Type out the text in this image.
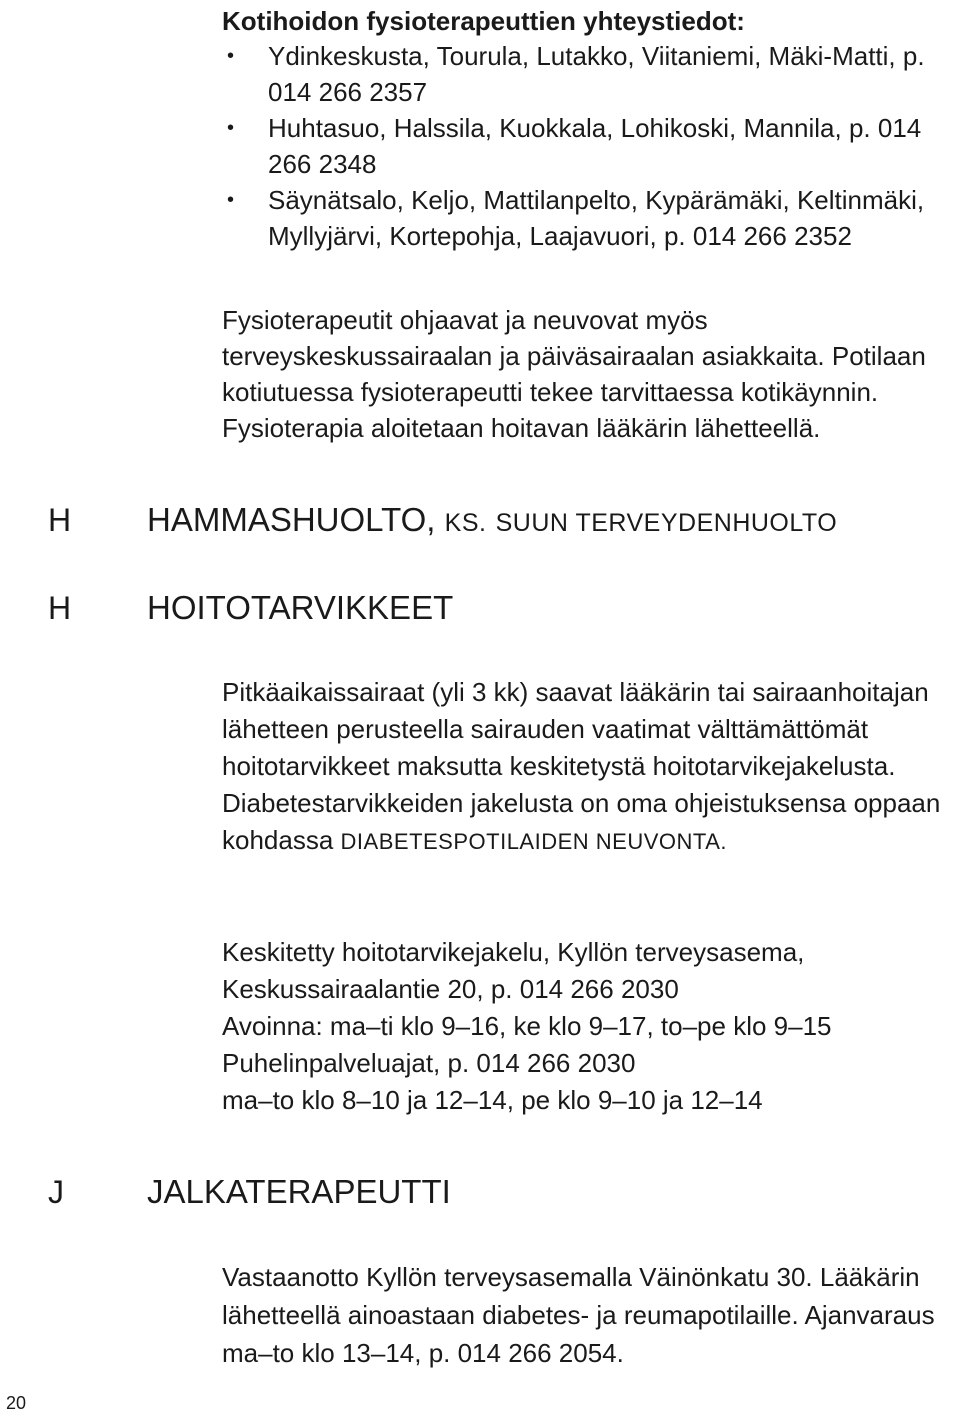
Kotihoidon fysioterapeuttien yhteystiedot:
• Ydinkeskusta, Tourula, Lutakko, Viitaniemi, Mäki-Matti, p. 014 266 2357
• Huhtasuo, Halssila, Kuokkala, Lohikoski, Mannila, p. 014 266 2348
• Säynätsalo, Keljo, Mattilanpelto, Kypärämäki, Keltinmäki, Myllyjärvi, Kortepohja, Laajavuori, p. 014 266 2352

Fysioterapeutit ohjaavat ja neuvovat myös terveyskeskussairaalan ja päiväsairaalan asiakkaita. Potilaan kotiutuessa fysioterapeutti tekee tarvittaessa kotikäynnin. Fysioterapia aloitetaan hoitavan lääkärin lähetteellä.

H HAMMASHUOLTO, KS. SUUN TERVEYDENHUOLTO
H HOITOTARVIKKEET

Pitkäaikaissairaat (yli 3 kk) saavat lääkärin tai sairaanhoitajan lähetteen perusteella sairauden vaatimat välttämättömät hoitotarvikkeet maksutta keskitetystä hoitotarvikejakelusta. Diabetestarvikkeiden jakelusta on oma ohjeistuksensa oppaan kohdassa DIABETESPOTILAIDEN NEUVONTA.

Keskitetty hoitotarvikejakelu, Kyllön terveysasema, Keskussairaalantie 20, p. 014 266 2030
Avoinna: ma–ti klo 9–16, ke klo 9–17, to–pe klo 9–15
Puhelinpalveluajat, p. 014 266 2030
ma–to klo 8–10 ja 12–14, pe klo 9–10 ja 12–14

J	JALKATERAPEUTTI

Vastaanotto Kyllön terveysasemalla Väinönkatu 30. Lääkärin lähetteellä ainoastaan diabetes- ja reumapotilaille. Ajanvaraus ma–to klo 13–14, p. 014 266 2054.

20
